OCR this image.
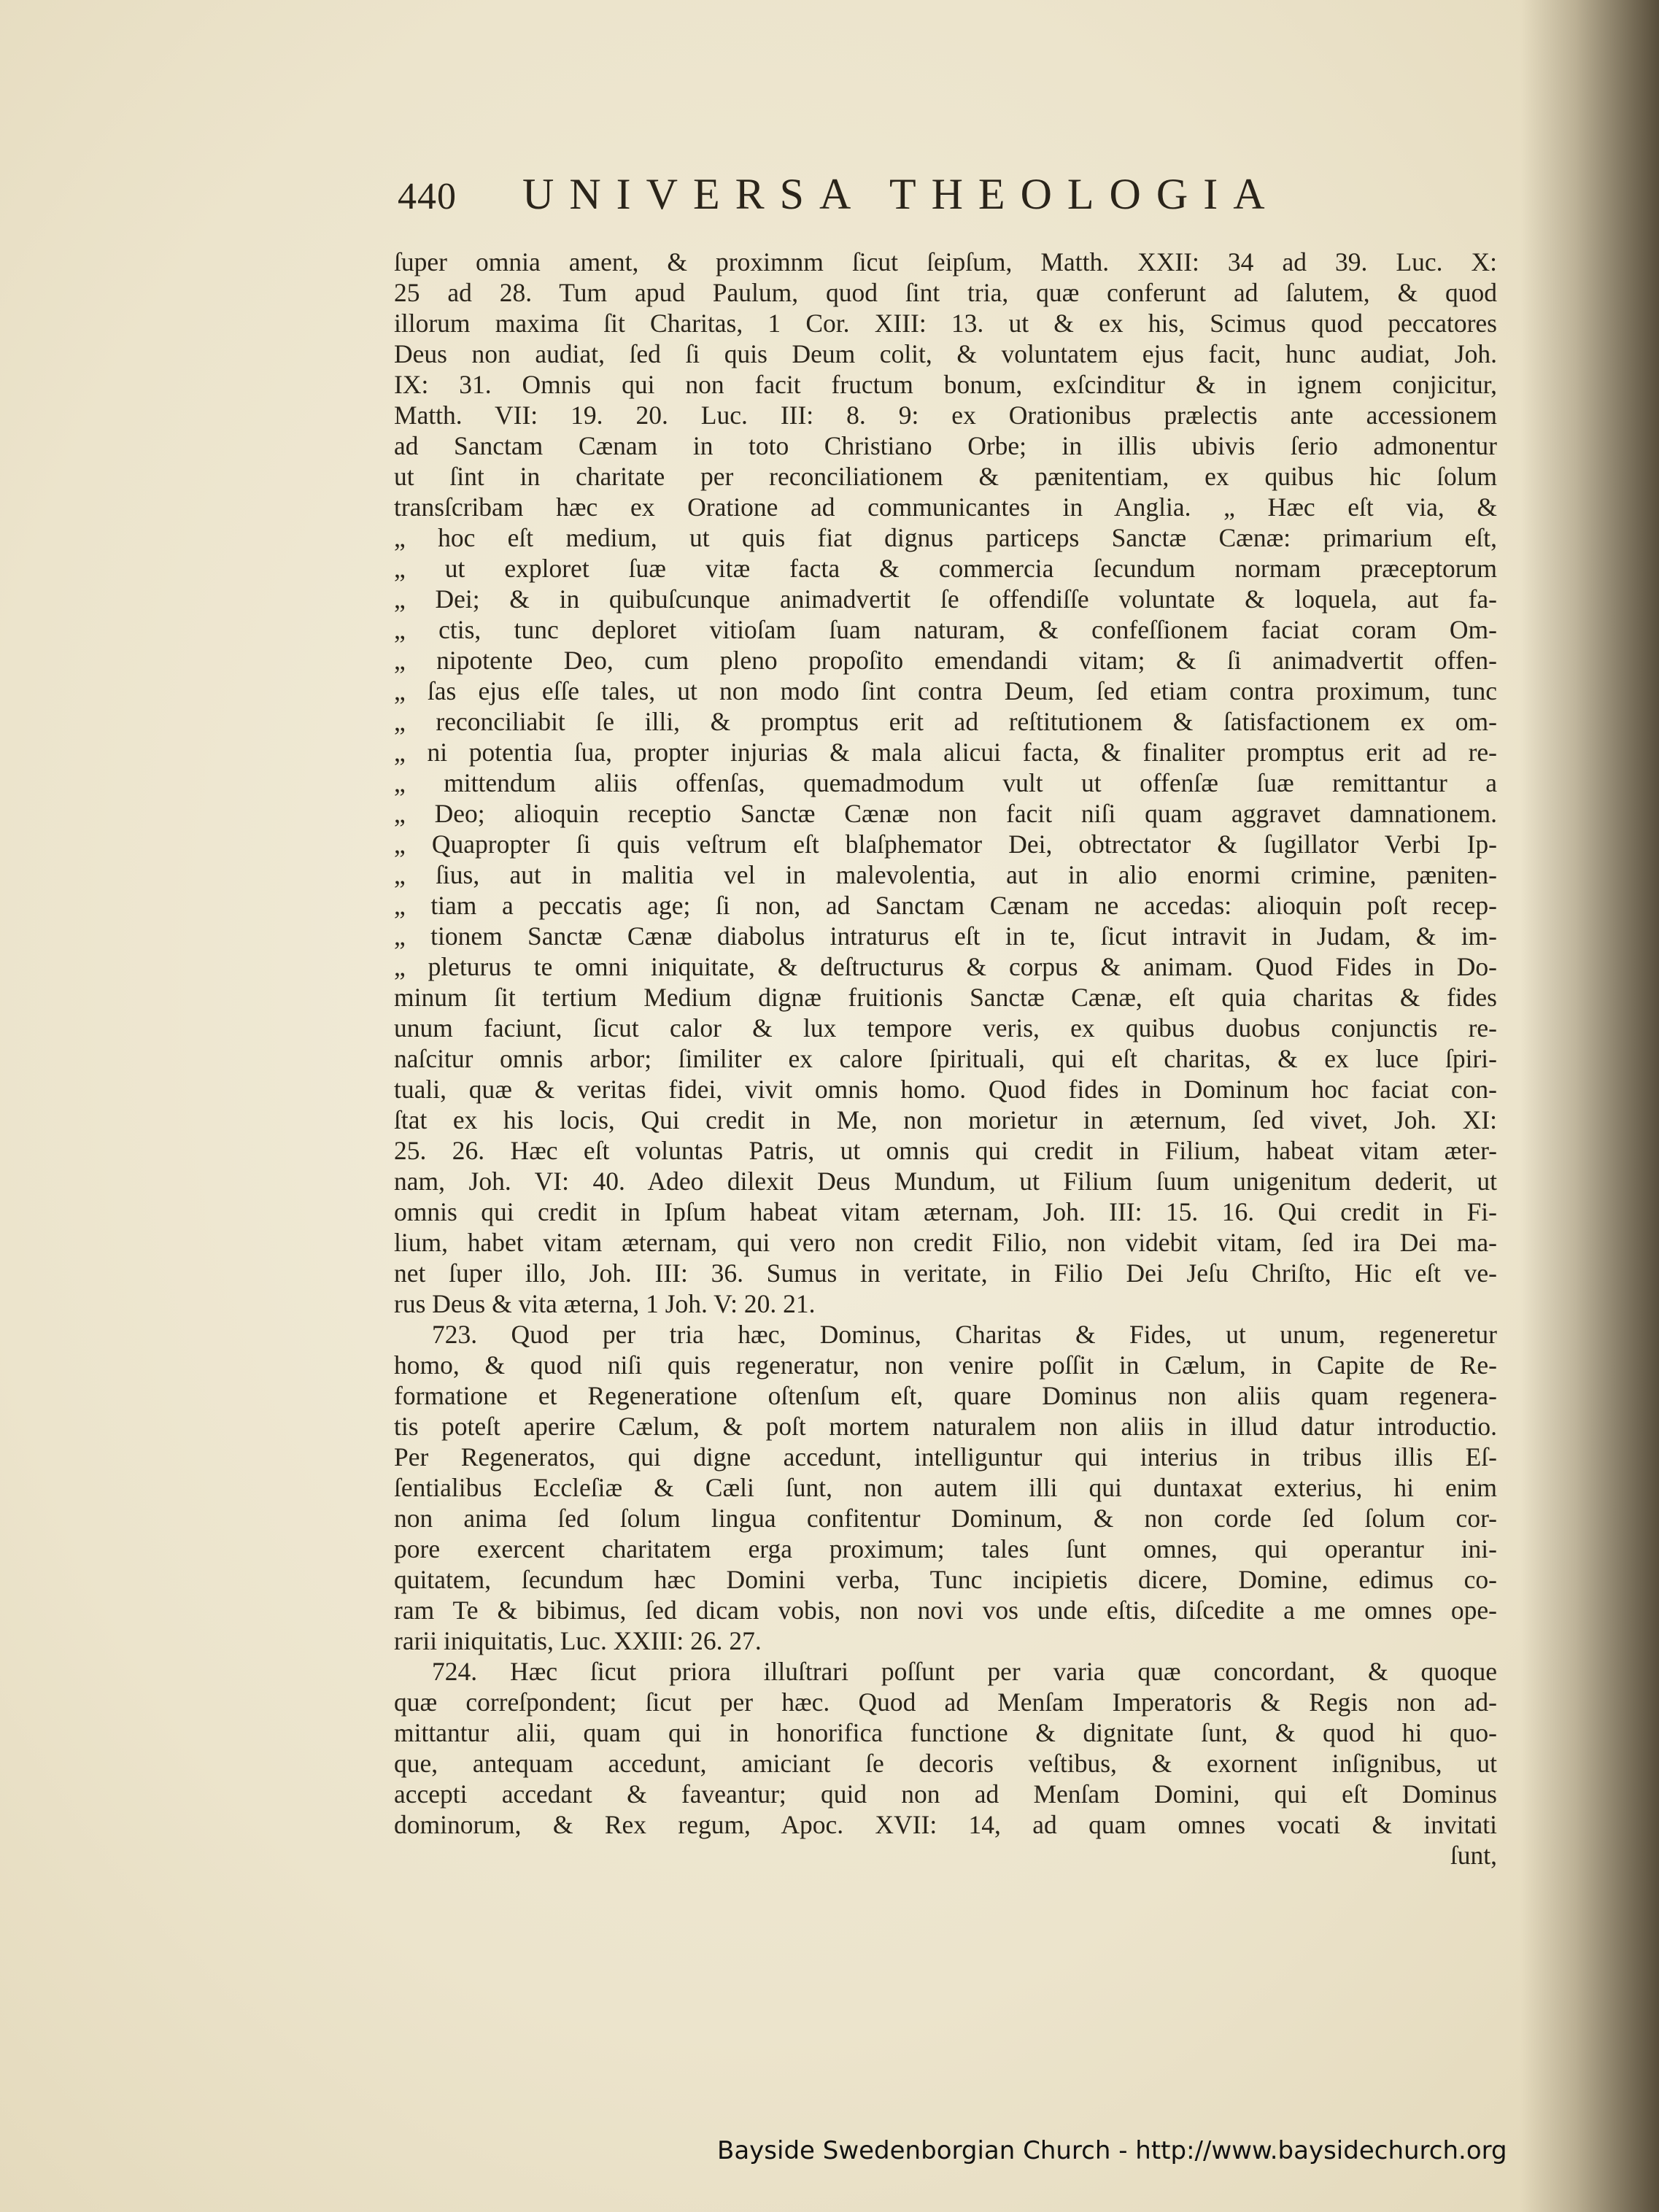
440 UNIVERSA THEOLOGIA
ſuper omnia ament, & proximnm ſicut ſeipſum, Matth. XXII: 34 ad 39. Luc. X:
25 ad 28. Tum apud Paulum, quod ſint tria, quæ conferunt ad ſalutem, & quod
illorum maxima ſit Charitas, 1 Cor. XIII: 13. ut & ex his, Scimus quod peccatores
Deus non audiat, ſed ſi quis Deum colit, & voluntatem ejus facit, hunc audiat, Joh.
IX: 31. Omnis qui non facit fructum bonum, exſcinditur & in ignem conjicitur,
Matth. VII: 19. 20. Luc. III: 8. 9: ex Orationibus prælectis ante accessionem
ad Sanctam Cænam in toto Christiano Orbe; in illis ubivis ſerio admonentur
ut ſint in charitate per reconciliationem & pænitentiam, ex quibus hic ſolum
transſcribam hæc ex Oratione ad communicantes in Anglia. „ Hæc eſt via, &
„ hoc eſt medium, ut quis fiat dignus particeps Sanctæ Cænæ: primarium eſt,
„ ut exploret ſuæ vitæ facta & commercia ſecundum normam præceptorum
„ Dei; & in quibuſcunque animadvertit ſe offendiſſe voluntate & loquela, aut fa-
„ ctis, tunc deploret vitioſam ſuam naturam, & confeſſionem faciat coram Om-
„ nipotente Deo, cum pleno propoſito emendandi vitam; & ſi animadvertit offen-
„ ſas ejus eſſe tales, ut non modo ſint contra Deum, ſed etiam contra proximum, tunc
„ reconciliabit ſe illi, & promptus erit ad reſtitutionem & ſatisfactionem ex om-
„ ni potentia ſua, propter injurias & mala alicui facta, & finaliter promptus erit ad re-
„ mittendum aliis offenſas, quemadmodum vult ut offenſæ ſuæ remittantur a
„ Deo; alioquin receptio Sanctæ Cænæ non facit niſi quam aggravet damnationem.
„ Quapropter ſi quis veſtrum eſt blaſphemator Dei, obtrectator & ſugillator Verbi Ip-
„ ſius, aut in malitia vel in malevolentia, aut in alio enormi crimine, pæniten-
„ tiam a peccatis age; ſi non, ad Sanctam Cænam ne accedas: alioquin poſt recep-
„ tionem Sanctæ Cænæ diabolus intraturus eſt in te, ſicut intravit in Judam, & im-
„ pleturus te omni iniquitate, & deſtructurus & corpus & animam. Quod Fides in Do-
minum ſit tertium Medium dignæ fruitionis Sanctæ Cænæ, eſt quia charitas & fides
unum faciunt, ſicut calor & lux tempore veris, ex quibus duobus conjunctis re-
naſcitur omnis arbor; ſimiliter ex calore ſpirituali, qui eſt charitas, & ex luce ſpiri-
tuali, quæ & veritas fidei, vivit omnis homo. Quod fides in Dominum hoc faciat con-
ſtat ex his locis, Qui credit in Me, non morietur in æternum, ſed vivet, Joh. XI:
25. 26. Hæc eſt voluntas Patris, ut omnis qui credit in Filium, habeat vitam æter-
nam, Joh. VI: 40. Adeo dilexit Deus Mundum, ut Filium ſuum unigenitum dederit, ut
omnis qui credit in Ipſum habeat vitam æternam, Joh. III: 15. 16. Qui credit in Fi-
lium, habet vitam æternam, qui vero non credit Filio, non videbit vitam, ſed ira Dei ma-
net ſuper illo, Joh. III: 36. Sumus in veritate, in Filio Dei Jeſu Chriſto, Hic eſt ve-
rus Deus & vita æterna, 1 Joh. V: 20. 21.
723. Quod per tria hæc, Dominus, Charitas & Fides, ut unum, regeneretur
homo, & quod niſi quis regeneratur, non venire poſſit in Cælum, in Capite de Re-
formatione et Regeneratione oſtenſum eſt, quare Dominus non aliis quam regenera-
tis poteſt aperire Cælum, & poſt mortem naturalem non aliis in illud datur introductio.
Per Regeneratos, qui digne accedunt, intelliguntur qui interius in tribus illis Eſ-
ſentialibus Eccleſiæ & Cæli ſunt, non autem illi qui duntaxat exterius, hi enim
non anima ſed ſolum lingua confitentur Dominum, & non corde ſed ſolum cor-
pore exercent charitatem erga proximum; tales ſunt omnes, qui operantur ini-
quitatem, ſecundum hæc Domini verba, Tunc incipietis dicere, Domine, edimus co-
ram Te & bibimus, ſed dicam vobis, non novi vos unde eſtis, diſcedite a me omnes ope-
rarii iniquitatis, Luc. XXIII: 26. 27.
724. Hæc ſicut priora illuſtrari poſſunt per varia quæ concordant, & quoque
quæ correſpondent; ſicut per hæc. Quod ad Menſam Imperatoris & Regis non ad-
mittantur alii, quam qui in honorifica functione & dignitate ſunt, & quod hi quo-
que, antequam accedunt, amiciant ſe decoris veſtibus, & exornent inſignibus, ut
accepti accedant & faveantur; quid non ad Menſam Domini, qui eſt Dominus
dominorum, & Rex regum, Apoc. XVII: 14, ad quam omnes vocati & invitati
ſunt,
Bayside Swedenborgian Church - http://www.baysidechurch.org
